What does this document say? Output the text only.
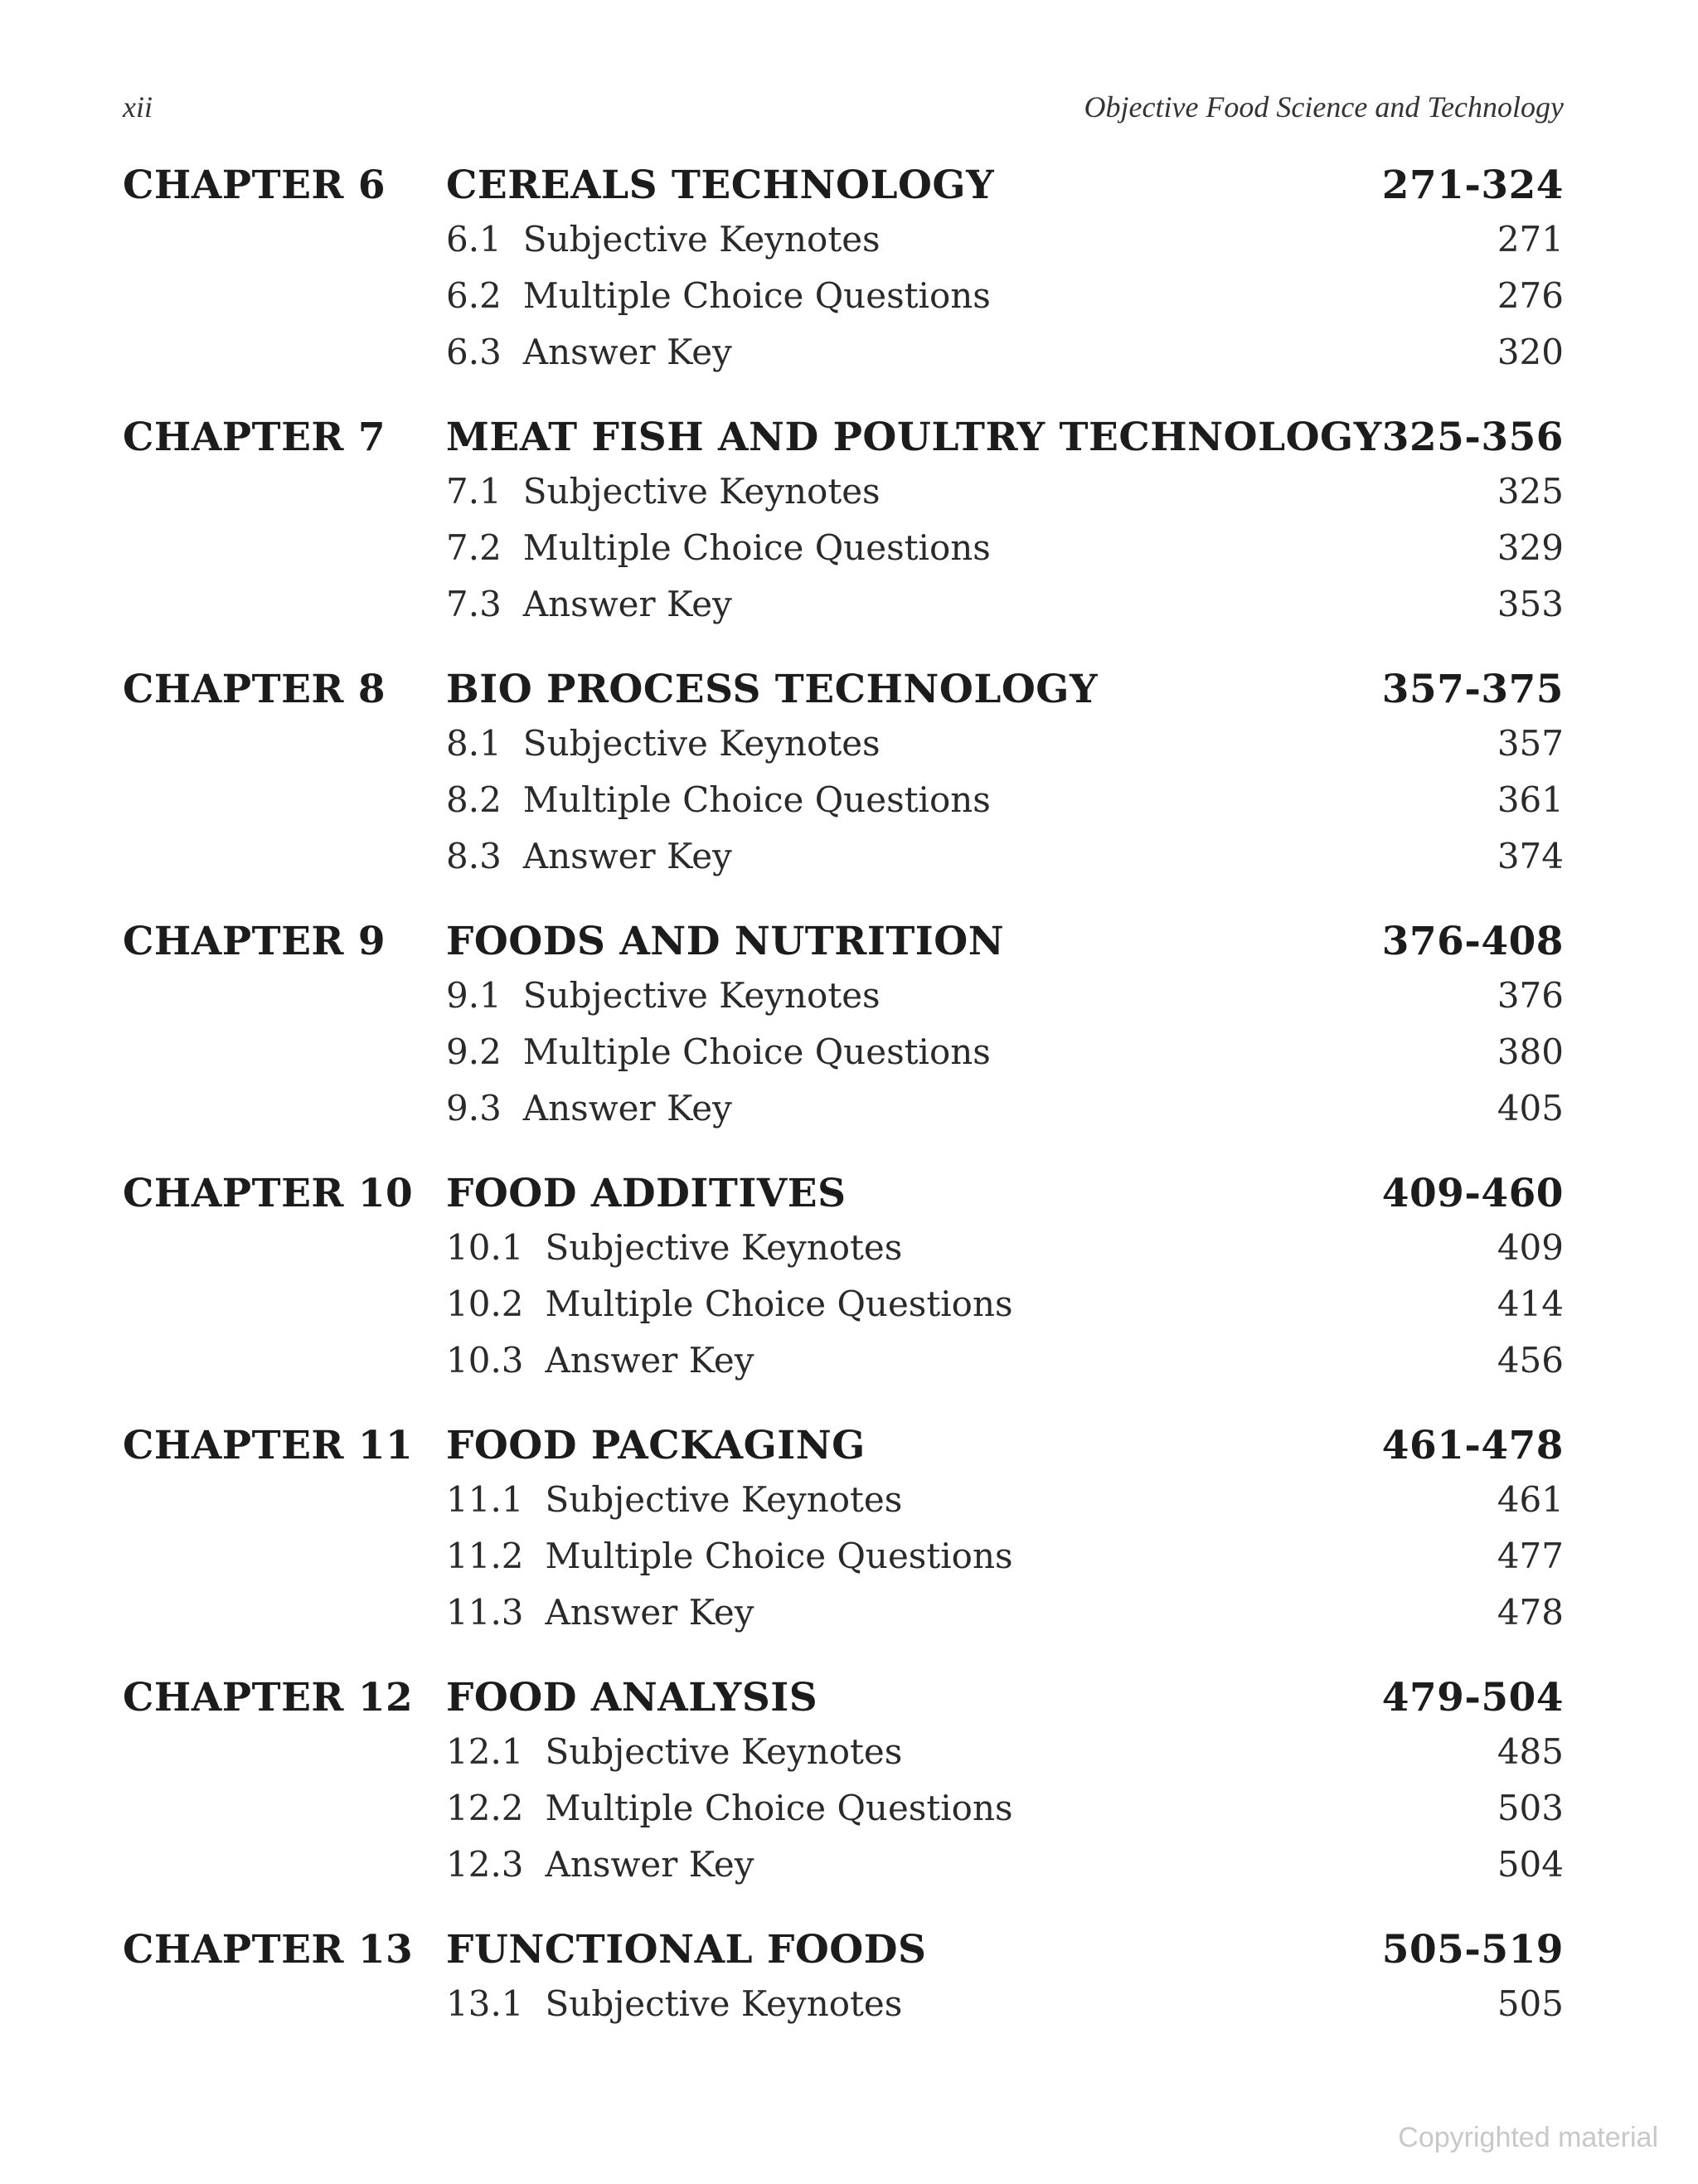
xii	Objective Food Science and Technology
CHAPTER 6	CEREALS TECHNOLOGY	271-324
6.1 Subjective Keynotes	271
6.2 Multiple Choice Questions	276
6.3 Answer Key	320
CHAPTER 7	MEAT FISH AND POULTRY TECHNOLOGY 325-356
7.1 Subjective Keynotes	325
7.2 Multiple Choice Questions	329
7.3 Answer Key	353
CHAPTER 8	BIO PROCESS TECHNOLOGY	357-375
8.1 Subjective Keynotes	357
8.2 Multiple Choice Questions	361
8.3 Answer Key	374
CHAPTER 9	FOODS AND NUTRITION	376-408
9.1 Subjective Keynotes	376
9.2 Multiple Choice Questions	380
9.3 Answer Key	405
CHAPTER 10 FOOD ADDITIVES	409-460
10.1 Subjective Keynotes	409
10.2 Multiple Choice Questions	414
10.3 Answer Key	456
CHAPTER 11 FOOD PACKAGING	461-478
11.1 Subjective Keynotes	461
11.2 Multiple Choice Questions	477
11.3 Answer Key	478
CHAPTER 12 FOOD ANALYSIS	479-504
12.1 Subjective Keynotes	485
12.2 Multiple Choice Questions	503
12.3 Answer Key	504
CHAPTER 13 FUNCTIONAL FOODS	505-519
13.1 Subjective Keynotes	505
Copyrighted material
